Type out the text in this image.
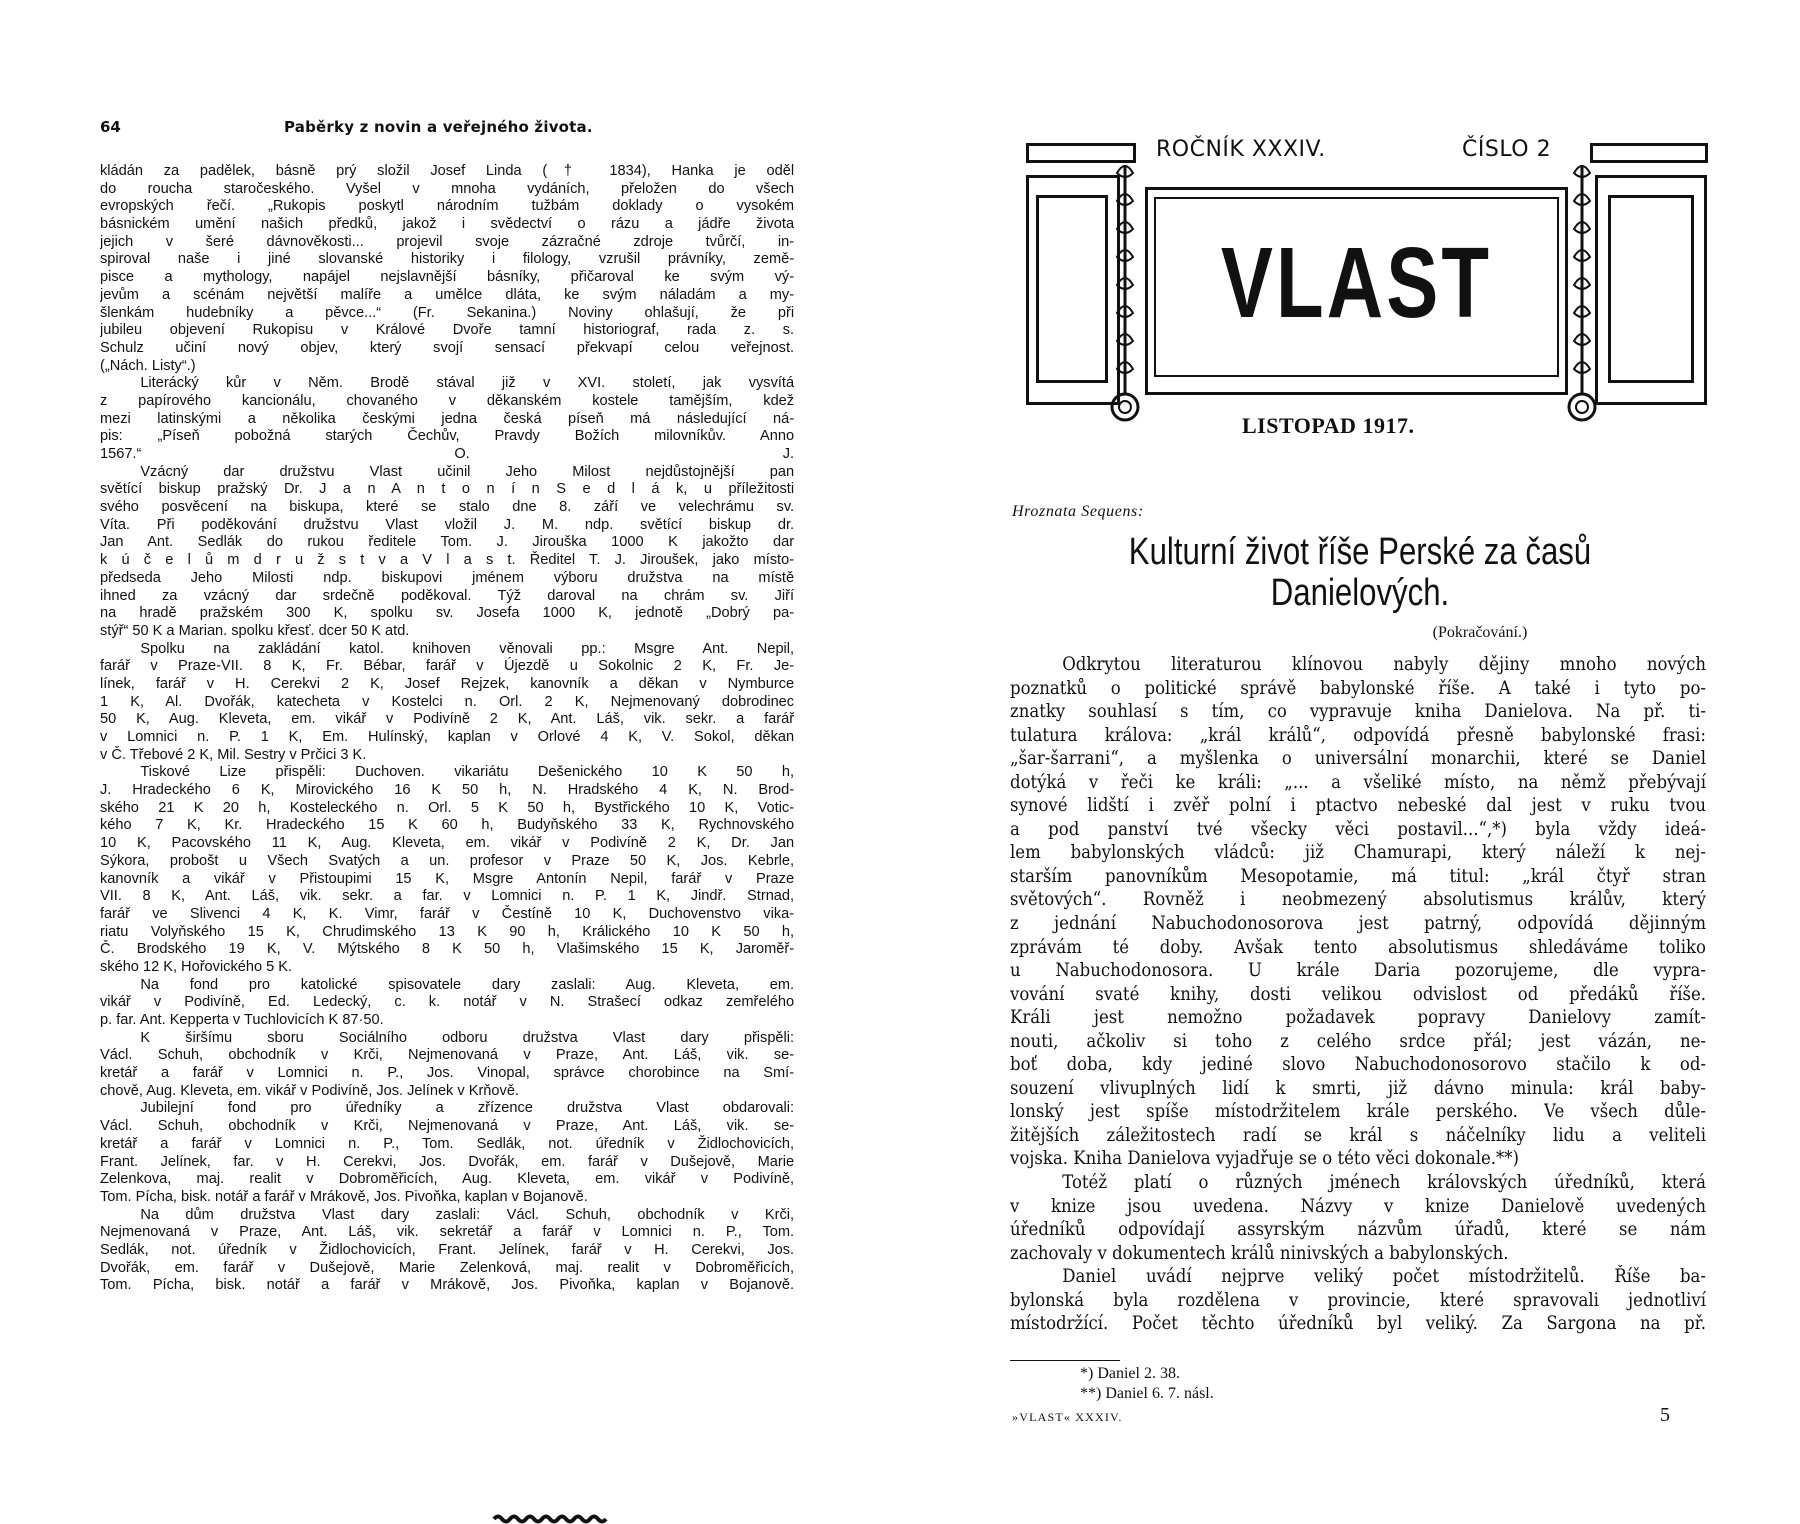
64	Paběrky z novin a veřejného života.
kládán za padělek, básně prý složil Josef Linda († 1834), Hanka je oděl
do roucha staročeského. Vyšel v mnoha vydáních, přeložen do všech
evropských řečí. „Rukopis poskytl národním tužbám doklady o vysokém
básnickém umění našich předků, jakož i svědectví o rázu a jádře života
jejich v šeré dávnověkosti... projevil svoje zázračné zdroje tvůrčí, in-
spiroval naše i jiné slovanské historiky i filology, vzrušil právníky, země-
pisce a mythology, napájel nejslavnější básníky, přičaroval ke svým vý-
jevům a scénám největší malíře a umělce dláta, ke svým náladám a my-
šlenkám hudebníky a pěvce...“ (Fr. Sekanina.) Noviny ohlašují, že při
jubileu objevení Rukopisu v Králové Dvoře tamní historiograf, rada z. s.
Schulz učiní nový objev, který svojí sensací překvapí celou veřejnost.
(„Nách. Listy“.)
Literácký kůr v Něm. Brodě stával již v XVI. století, jak vysvítá
z papírového kancionálu, chovaného v děkanském kostele tamějším, kdež
mezi latinskými a několika českými jedna česká píseň má následující ná-
pis: „Píseň pobožná starých Čechův, Pravdy Božích milovníkův. Anno
1567.“ O. J.
Vzácný dar družstvu Vlast učinil Jeho Milost nejdůstojnější pan
světící biskup pražský Dr. J a n A n t o n í n S e d l á k, u příležitosti
svého posvěcení na biskupa, které se stalo dne 8. září ve velechrámu sv.
Víta. Při poděkování družstvu Vlast vložil J. M. ndp. světící biskup dr.
Jan Ant. Sedlák do rukou ředitele Tom. J. Jirouška 1000 K jakožto dar
k ú č e l ů m d r u ž s t v a V l a s t. Ředitel T. J. Jiroušek, jako místo-
předseda Jeho Milosti ndp. biskupovi jménem výboru družstva na místě
ihned za vzácný dar srdečně poděkoval. Týž daroval na chrám sv. Jiří
na hradě pražském 300 K, spolku sv. Josefa 1000 K, jednotě „Dobrý pa-
stýř“ 50 K a Marian. spolku křesť. dcer 50 K atd.
Spolku na zakládání katol. knihoven věnovali pp.: Msgre Ant. Nepil,
farář v Praze-VII. 8 K, Fr. Bébar, farář v Újezdě u Sokolnic 2 K, Fr. Je-
línek, farář v H. Cerekvi 2 K, Josef Rejzek, kanovník a děkan v Nymburce
1 K, Al. Dvořák, katecheta v Kostelci n. Orl. 2 K, Nejmenovaný dobrodinec
50 K, Aug. Kleveta, em. vikář v Podivíně 2 K, Ant. Láš, vik. sekr. a farář
v Lomnici n. P. 1 K, Em. Hulínský, kaplan v Orlové 4 K, V. Sokol, děkan
v Č. Třebové 2 K, Mil. Sestry v Prčici 3 K.
Tiskové Lize přispěli: Duchoven. vikariátu Dešenického 10 K 50 h,
J. Hradeckého 6 K, Mirovického 16 K 50 h, N. Hradského 4 K, N. Brod-
ského 21 K 20 h, Kosteleckého n. Orl. 5 K 50 h, Bystřického 10 K, Votic-
kého 7 K, Kr. Hradeckého 15 K 60 h, Budyňského 33 K, Rychnovského
10 K, Pacovského 11 K, Aug. Kleveta, em. vikář v Podivíně 2 K, Dr. Jan
Sýkora, probošt u Všech Svatých a un. profesor v Praze 50 K, Jos. Kebrle,
kanovník a vikář v Přistoupimi 15 K, Msgre Antonín Nepil, farář v Praze
VII. 8 K, Ant. Láš, vik. sekr. a far. v Lomnici n. P. 1 K, Jindř. Strnad,
farář ve Slivenci 4 K, K. Vimr, farář v Čestíně 10 K, Duchovenstvo vika-
riatu Volyňského 15 K, Chrudimského 13 K 90 h, Králického 10 K 50 h,
Č. Brodského 19 K, V. Mýtského 8 K 50 h, Vlašimského 15 K, Jaroměř-
ského 12 K, Hořovického 5 K.
Na fond pro katolické spisovatele dary zaslali: Aug. Kleveta, em.
vikář v Podivíně, Ed. Ledecký, c. k. notář v N. Strašecí odkaz zemřelého
p. far. Ant. Kepperta v Tuchlovicích K 87·50.
K širšímu sboru Sociálního odboru družstva Vlast dary přispěli:
Václ. Schuh, obchodník v Krči, Nejmenovaná v Praze, Ant. Láš, vik. se-
kretář a farář v Lomnici n. P., Jos. Vinopal, správce chorobince na Smí-
chově, Aug. Kleveta, em. vikář v Podivíně, Jos. Jelínek v Krňově.
Jubilejní fond pro úředníky a zřízence družstva Vlast obdarovali:
Václ. Schuh, obchodník v Krči, Nejmenovaná v Praze, Ant. Láš, vik. se-
kretář a farář v Lomnici n. P., Tom. Sedlák, not. úředník v Židlochovicích,
Frant. Jelínek, far. v H. Cerekvi, Jos. Dvořák, em. farář v Dušejově, Marie
Zelenkova, maj. realit v Dobroměřicích, Aug. Kleveta, em. vikář v Podivíně,
Tom. Pícha, bisk. notář a farář v Mrákově, Jos. Pivoňka, kaplan v Bojanově.
Na dům družstva Vlast dary zaslali: Václ. Schuh, obchodník v Krči,
Nejmenovaná v Praze, Ant. Láš, vik. sekretář a farář v Lomnici n. P., Tom.
Sedlák, not. úředník v Židlochovicích, Frant. Jelínek, farář v H. Cerekvi, Jos.
Dvořák, em. farář v Dušejově, Marie Zelenková, maj. realit v Dobroměřicích,
Tom. Pícha, bisk. notář a farář v Mrákově, Jos. Pivoňka, kaplan v Bojanově.
ROČNÍK XXXIV.	ČÍSLO 2
VLAST
LISTOPAD 1917.
Hroznata Sequens:
Kulturní život říše Perské za časů
Danielových.
(Pokračování.)
Odkrytou literaturou klínovou nabyly dějiny mnoho nových
poznatků o politické správě babylonské říše. A také i tyto po-
znatky souhlasí s tím, co vypravuje kniha Danielova. Na př. ti-
tulatura králova: „král králů“, odpovídá přesně babylonské frasi:
„šar-šarrani“, a myšlenka o universální monarchii, které se Daniel
dotýká v řeči ke králi: „... a všeliké místo, na němž přebývají
synové lidští i zvěř polní i ptactvo nebeské dal jest v ruku tvou
a pod panství tvé všecky věci postavil...“,*) byla vždy ideá-
lem babylonských vládců: již Chamurapi, který náleží k nej-
starším panovníkům Mesopotamie, má titul: „král čtyř stran
světových“. Rovněž i neobmezený absolutismus králův, který
z jednání Nabuchodonosorova jest patrný, odpovídá dějinným
zprávám té doby. Avšak tento absolutismus shledáváme toliko
u Nabuchodonosora. U krále Daria pozorujeme, dle vypra-
vování svaté knihy, dosti velikou odvislost od předáků říše.
Králi jest nemožno požadavek popravy Danielovy zamít-
nouti, ačkoliv si toho z celého srdce přál; jest vázán, ne-
boť doba, kdy jediné slovo Nabuchodonosorovo stačilo k od-
souzení vlivuplných lidí k smrti, již dávno minula: král baby-
lonský jest spíše místodržitelem krále perského. Ve všech důle-
žitějších záležitostech radí se král s náčelníky lidu a veliteli
vojska. Kniha Danielova vyjadřuje se o této věci dokonale.**)
Totéž platí o různých jménech královských úředníků, která
v knize jsou uvedena. Názvy v knize Danielově uvedených
úředníků odpovídají assyrským názvům úřadů, které se nám
zachovaly v dokumentech králů ninivských a babylonských.
Daniel uvádí nejprve veliký počet místodržitelů. Říše ba-
bylonská byla rozdělena v provincie, které spravovali jednotliví
místodržící. Počet těchto úředníků byl veliký. Za Sargona na př.
*) Daniel 2. 38.
**) Daniel 6. 7. násl.
»VLAST« XXXIV.	5
